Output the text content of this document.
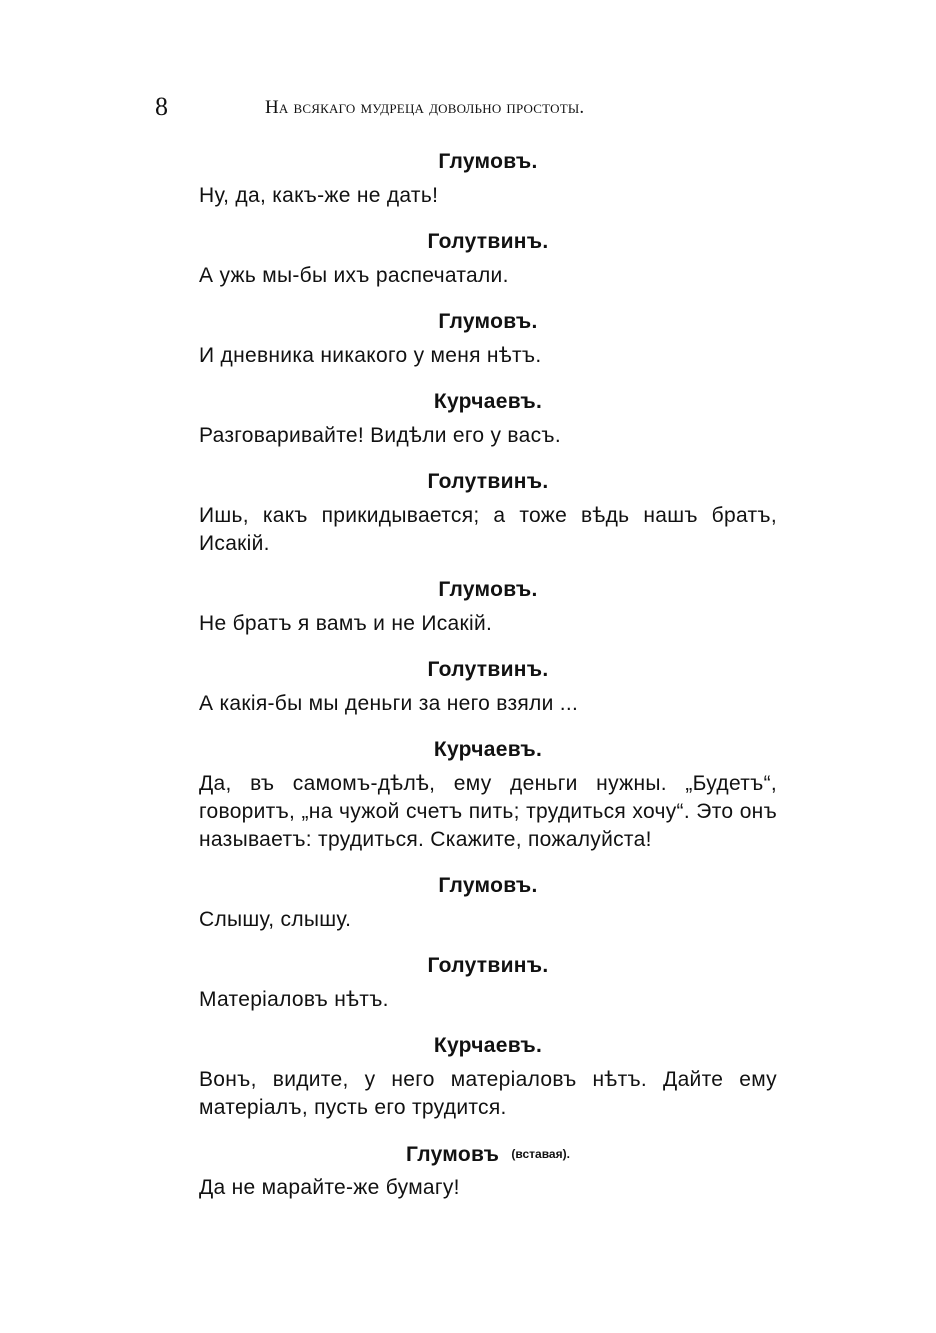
8	На всякаго мудреца довольно простоты.
Глумовъ.

Ну, да, какъ-же не дать!

Голутвинъ.

А ужь мы-бы ихъ распечатали.

Глумовъ.

И дневника никакого у меня нѣтъ.

Курчаевъ.

Разговаривайте! Видѣли его у васъ.

Голутвинъ.

Ишь, какъ прикидывается; а тоже вѣдь нашъ братъ, Исакій.

Глумовъ.

Не братъ я вамъ и не Исакій.

Голутвинъ.

А какія-бы мы деньги за него взяли ...

Курчаевъ.

Да, въ самомъ-дѣлѣ, ему деньги нужны. „Будетъ“, говоритъ, „на чужой счетъ пить; трудиться хочу“. Это онъ называетъ: трудиться. Скажите, пожалуйста!

Глумовъ.

Слышу, слышу.

Голутвинъ.

Матеріаловъ нѣтъ.

Курчаевъ.

Вонъ, видите, у него матеріаловъ нѣтъ. Дайте ему матеріалъ, пусть его трудится.

Глумовъ (вставая).

Да не марайте-же бумагу!
